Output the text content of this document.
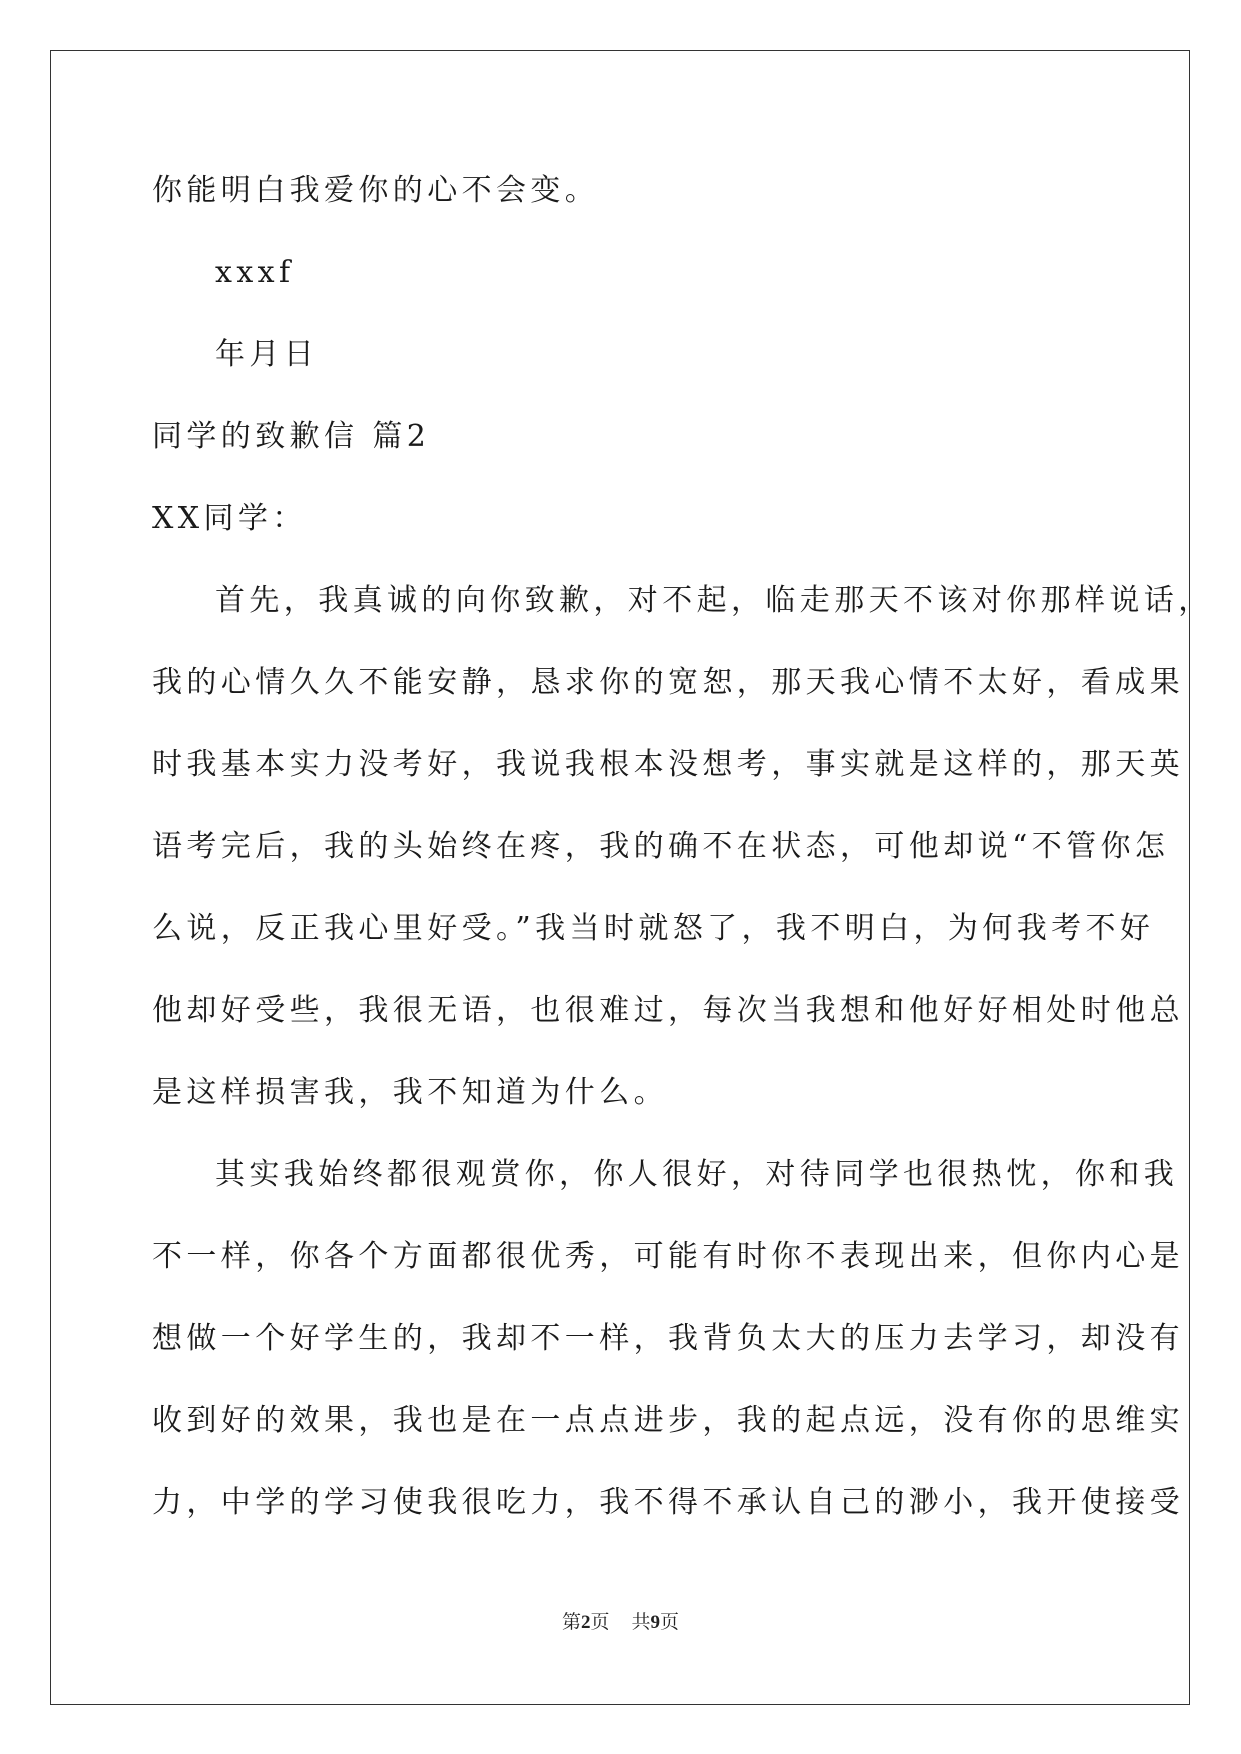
你能明白我爱你的心不会变。
xxxf
年月日
同学的致歉信 篇2
XX同学：
首先，我真诚的向你致歉，对不起，临走那天不该对你那样说话，
我的心情久久不能安静，恳求你的宽恕，那天我心情不太好，看成果
时我基本实力没考好，我说我根本没想考，事实就是这样的，那天英
语考完后，我的头始终在疼，我的确不在状态，可他却说“不管你怎
么说，反正我心里好受。”我当时就怒了，我不明白，为何我考不好
他却好受些，我很无语，也很难过，每次当我想和他好好相处时他总
是这样损害我，我不知道为什么。
其实我始终都很观赏你，你人很好，对待同学也很热忱，你和我
不一样，你各个方面都很优秀，可能有时你不表现出来，但你内心是
想做一个好学生的，我却不一样，我背负太大的压力去学习，却没有
收到好的效果，我也是在一点点进步，我的起点远，没有你的思维实
力，中学的学习使我很吃力，我不得不承认自己的渺小，我开使接受
第2页 共9页
